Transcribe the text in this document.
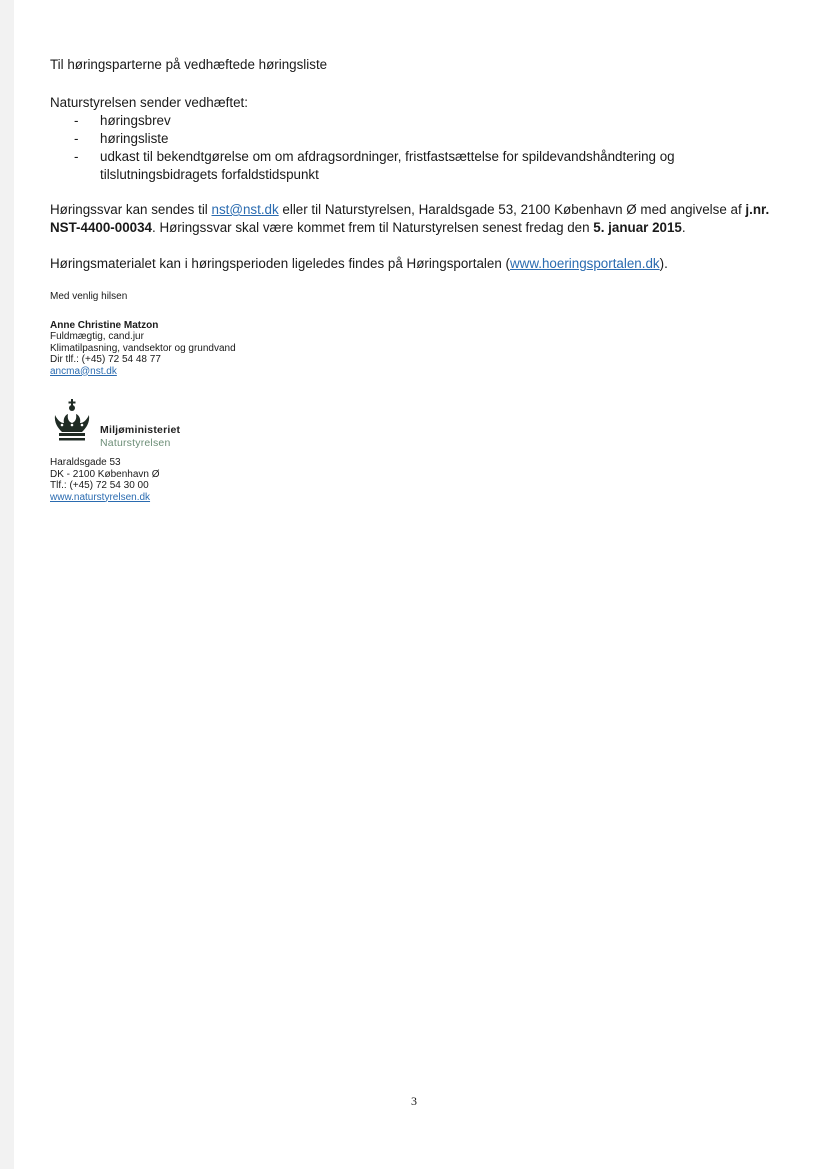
Til høringsparterne på vedhæftede høringsliste

Naturstyrelsen sender vedhæftet:

- høringsbrev
- høringsliste
- udkast til bekendtgørelse om om afdragsordninger, fristfastsættelse for spildevandshåndtering og tilslutningsbidragets forfaldstidspunkt

Høringssvar kan sendes til nst@nst.dk eller til Naturstyrelsen, Haraldsgade 53, 2100 København Ø med angivelse af j.nr. NST-4400-00034. Høringssvar skal være kommet frem til Naturstyrelsen senest fredag den 5. januar 2015.

Høringsmaterialet kan i høringsperioden ligeledes findes på Høringsportalen (www.hoeringsportalen.dk).

Med venlig hilsen

Anne Christine Matzon
Fuldmægtig, cand.jur
Klimatilpasning, vandsektor og grundvand
Dir tlf.: (+45) 72 54 48 77
ancma@nst.dk
Miljøministeriet
Naturstyrelsen
Haraldsgade 53
DK - 2100 København Ø
Tlf.: (+45) 72 54 30 00
www.naturstyrelsen.dk
3
